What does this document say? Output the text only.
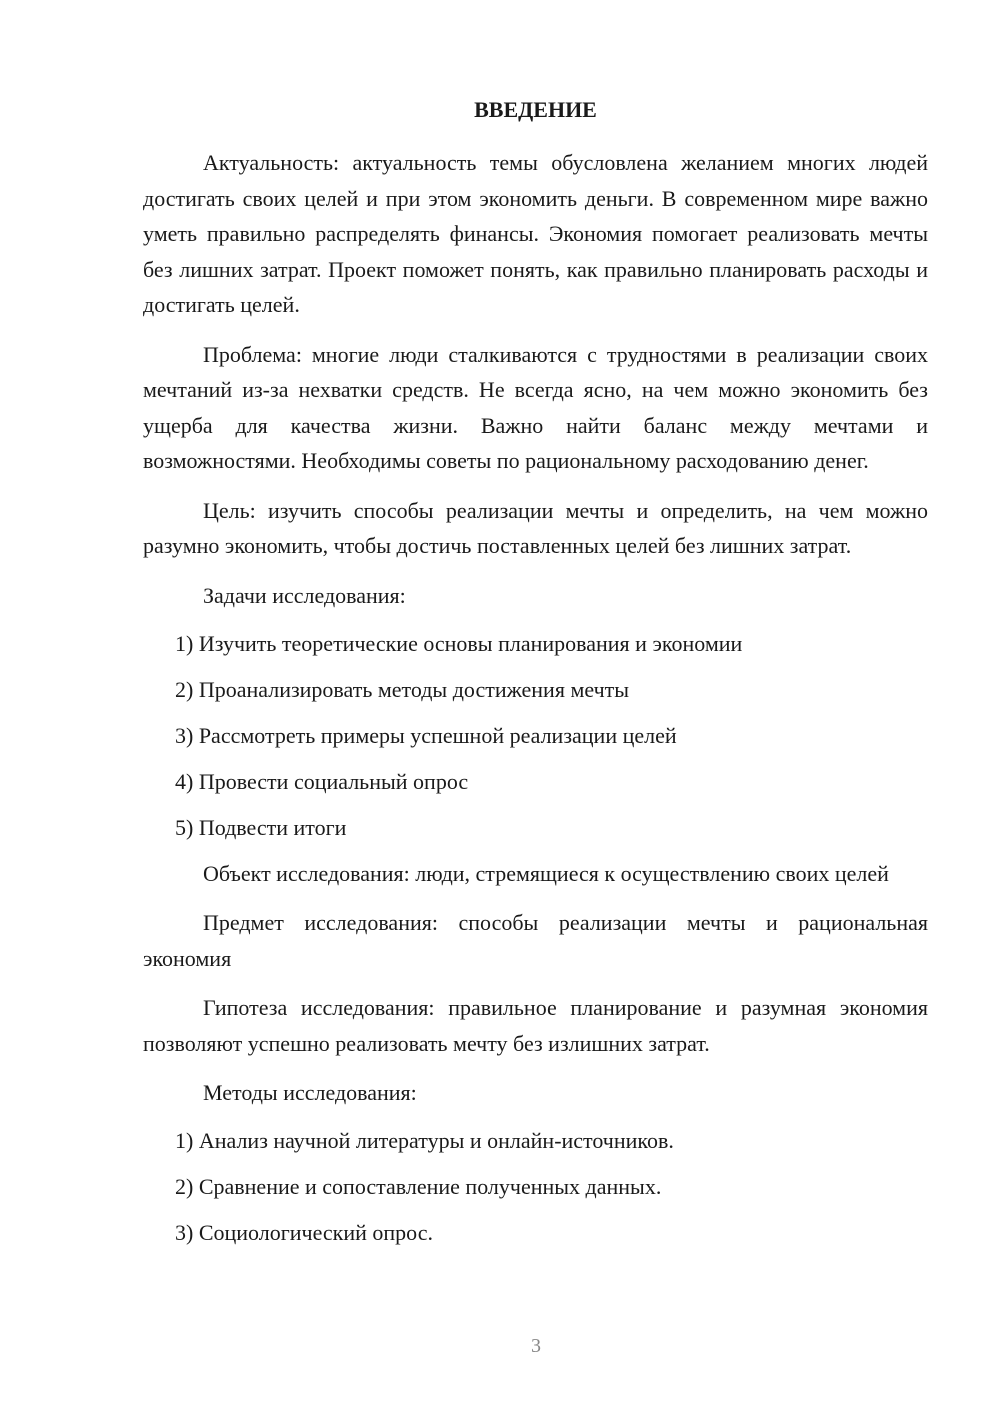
ВВЕДЕНИЕ

Актуальность: актуальность темы обусловлена желанием многих людей достигать своих целей и при этом экономить деньги. В современном мире важно уметь правильно распределять финансы. Экономия помогает реализовать мечты без лишних затрат. Проект поможет понять, как правильно планировать расходы и достигать целей.

Проблема: многие люди сталкиваются с трудностями в реализации своих мечтаний из-за нехватки средств. Не всегда ясно, на чем можно экономить без ущерба для качества жизни. Важно найти баланс между мечтами и возможностями. Необходимы советы по рациональному расходованию денег.

Цель: изучить способы реализации мечты и определить, на чем можно разумно экономить, чтобы достичь поставленных целей без лишних затрат.

Задачи исследования:

1) Изучить теоретические основы планирования и экономии
2) Проанализировать методы достижения мечты
3) Рассмотреть примеры успешной реализации целей
4) Провести социальный опрос
5) Подвести итоги

Объект исследования: люди, стремящиеся к осуществлению своих целей

Предмет исследования: способы реализации мечты и рациональная экономия

Гипотеза исследования: правильное планирование и разумная экономия позволяют успешно реализовать мечту без излишних затрат.

Методы исследования:

1) Анализ научной литературы и онлайн-источников.
2) Сравнение и сопоставление полученных данных.
3) Социологический опрос.
3
